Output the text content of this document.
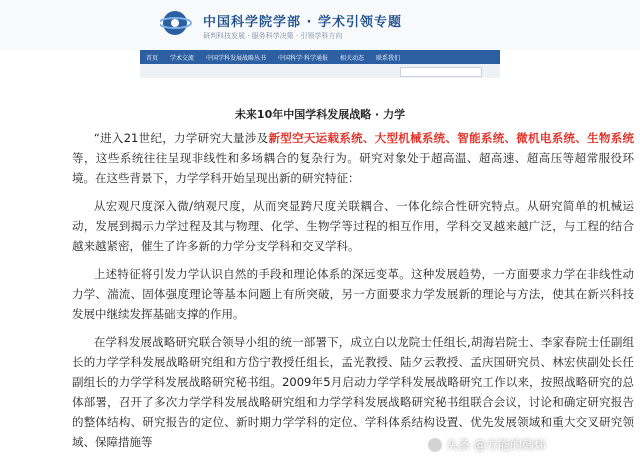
中国科学院学部 · 学术引领专题
研判科技发展 · 服务科学决策 · 引领学科方向
首页	学术交流	中国学科发展战略丛书	中国科学·科学通报	相关动态	联系我们
未来10年中国学科发展战略 · 力学

“进入21世纪，力学研究大量涉及新型空天运载系统、大型机械系统、智能系统、微机电系统、生物系统等，这些系统往往呈现非线性和多场耦合的复杂行为。研究对象处于超高温、超高速、超高压等超常服役环境。在这些背景下，力学学科开始呈现出新的研究特征：

从宏观尺度深入微/纳观尺度，从而突显跨尺度关联耦合、一体化综合性研究特点。从研究简单的机械运动，发展到揭示力学过程及其与物理、化学、生物学等过程的相互作用，学科交叉越来越广泛，与工程的结合越来越紧密，催生了许多新的力学分支学科和交叉学科。

上述特征将引发力学认识自然的手段和理论体系的深远变革。这种发展趋势，一方面要求力学在非线性动力学、湍流、固体强度理论等基本问题上有所突破，另一方面要求力学发展新的理论与方法，使其在新兴科技发展中继续发挥基础支撑的作用。

在学科发展战略研究联合领导小组的统一部署下，成立白以龙院士任组长,胡海岩院士、李家春院士任副组长的力学学科发展战略研究组和方岱宁教授任组长，孟光教授、陆夕云教授、孟庆国研究员、林宏侠副处长任副组长的力学学科发展战略研究秘书组。2009年5月启动力学学科发展战略研究工作以来，按照战略研究的总体部署，召开了多次力学学科发展战略研究组和力学学科发展战略研究秘书组联合会议，讨论和确定研究报告的整体结构、研究报告的定位、新时期力学学科的定位、学科体系结构设置、优先发展领域和重大交叉研究领域、保障措施等	头条 @方能的韩炜
